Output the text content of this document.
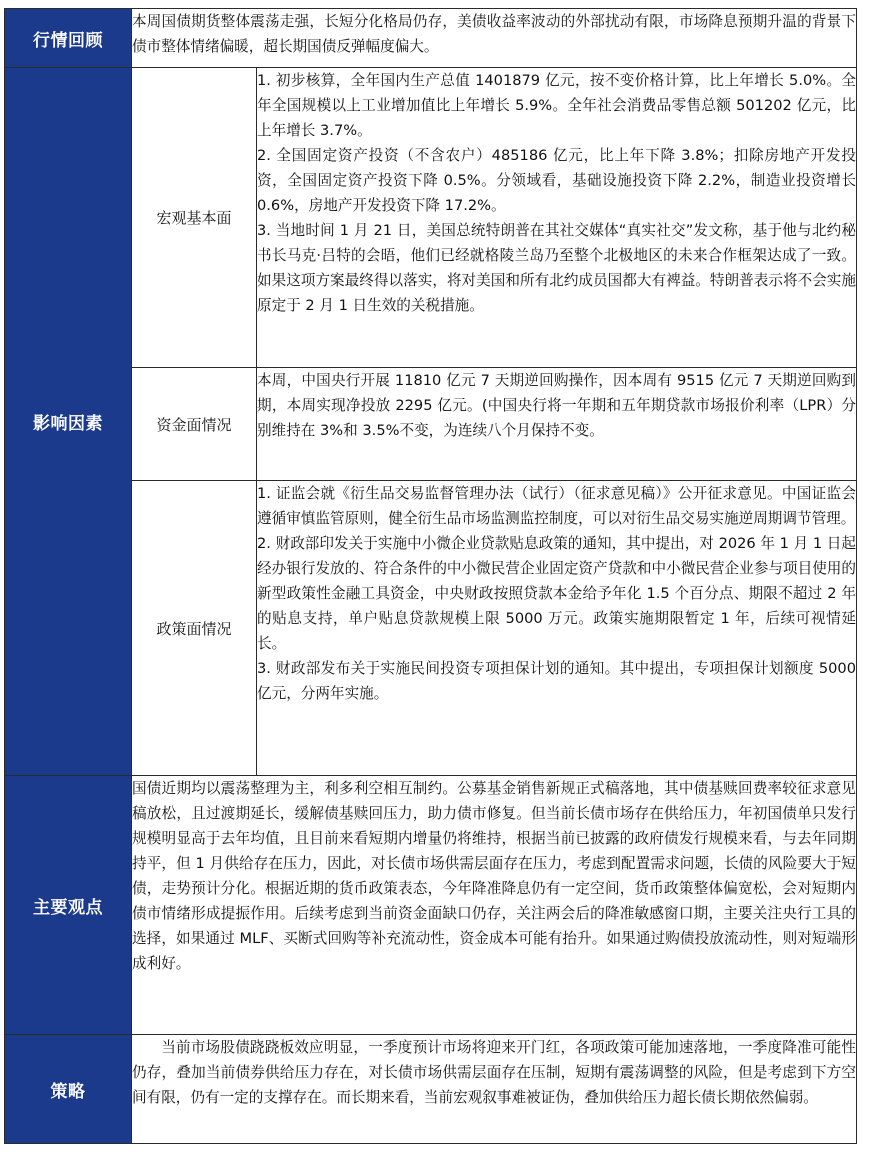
行情回顾	本周国债期货整体震荡走强，长短分化格局仍存，美债收益率波动的外部扰动有限，市场降息预期升温的背景下债市整体情绪偏暖，超长期国债反弹幅度偏大。	
影响因素	宏观基本面	1. 初步核算，全年国内生产总值 1401879 亿元，按不变价格计算，比上年增长 5.0%。全年全国规模以上工业增加值比上年增长 5.9%。全年社会消费品零售总额 501202 亿元，比上年增长 3.7%。

2. 全国固定资产投资（不含农户）485186 亿元，比上年下降 3.8%；扣除房地产开发投资，全国固定资产投资下降 0.5%。分领域看，基础设施投资下降 2.2%，制造业投资增长 0.6%，房地产开发投资下降 17.2%。

3. 当地时间 1 月 21 日，美国总统特朗普在其社交媒体“真实社交”发文称，基于他与北约秘书长马克·吕特的会晤，他们已经就格陵兰岛乃至整个北极地区的未来合作框架达成了一致。如果这项方案最终得以落实，将对美国和所有北约成员国都大有裨益。特朗普表示将不会实施原定于 2 月 1 日生效的关税措施。

	资金面情况	本周，中国央行开展 11810 亿元 7 天期逆回购操作，因本周有 9515 亿元 7 天期逆回购到期，本周实现净投放 2295 亿元。(中国央行将一年期和五年期贷款市场报价利率（LPR）分别维持在 3%和 3.5%不变，为连续八个月保持不变。
	政策面情况	1. 证监会就《衍生品交易监督管理办法（试行）（征求意见稿）》公开征求意见。中国证监会遵循审慎监管原则，健全衍生品市场监测监控制度，可以对衍生品交易实施逆周期调节管理。

2. 财政部印发关于实施中小微企业贷款贴息政策的通知，其中提出，对 2026 年 1 月 1 日起经办银行发放的、符合条件的中小微民营企业固定资产贷款和中小微民营企业参与项目使用的新型政策性金融工具资金，中央财政按照贷款本金给予年化 1.5 个百分点、期限不超过 2 年的贴息支持，单户贴息贷款规模上限 5000 万元。政策实施期限暂定 1 年，后续可视情延长。

3. 财政部发布关于实施民间投资专项担保计划的通知。其中提出，专项担保计划额度 5000 亿元，分两年实施。

主要观点	国债近期均以震荡整理为主，利多利空相互制约。公募基金销售新规正式稿落地，其中债基赎回费率较征求意见稿放松，且过渡期延长，缓解债基赎回压力，助力债市修复。但当前长债市场存在供给压力，年初国债单只发行规模明显高于去年均值，且目前来看短期内增量仍将维持，根据当前已披露的政府债发行规模来看，与去年同期持平，但 1 月供给存在压力，因此，对长债市场供需层面存在压力，考虑到配置需求问题，长债的风险要大于短债，走势预计分化。根据近期的货币政策表态，今年降准降息仍有一定空间，货币政策整体偏宽松，会对短期内债市情绪形成提振作用。后续考虑到当前资金面缺口仍存，关注两会后的降准敏感窗口期，主要关注央行工具的选择，如果通过 MLF、买断式回购等补充流动性，资金成本可能有抬升。如果通过购债投放流动性，则对短端形成利好。	
策略	当前市场股债跷跷板效应明显，一季度预计市场将迎来开门红，各项政策可能加速落地，一季度降准可能性仍存，叠加当前债券供给压力存在，对长债市场供需层面存在压制，短期有震荡调整的风险，但是考虑到下方空间有限，仍有一定的支撑存在。而长期来看，当前宏观叙事难被证伪，叠加供给压力超长债长期依然偏弱。	
